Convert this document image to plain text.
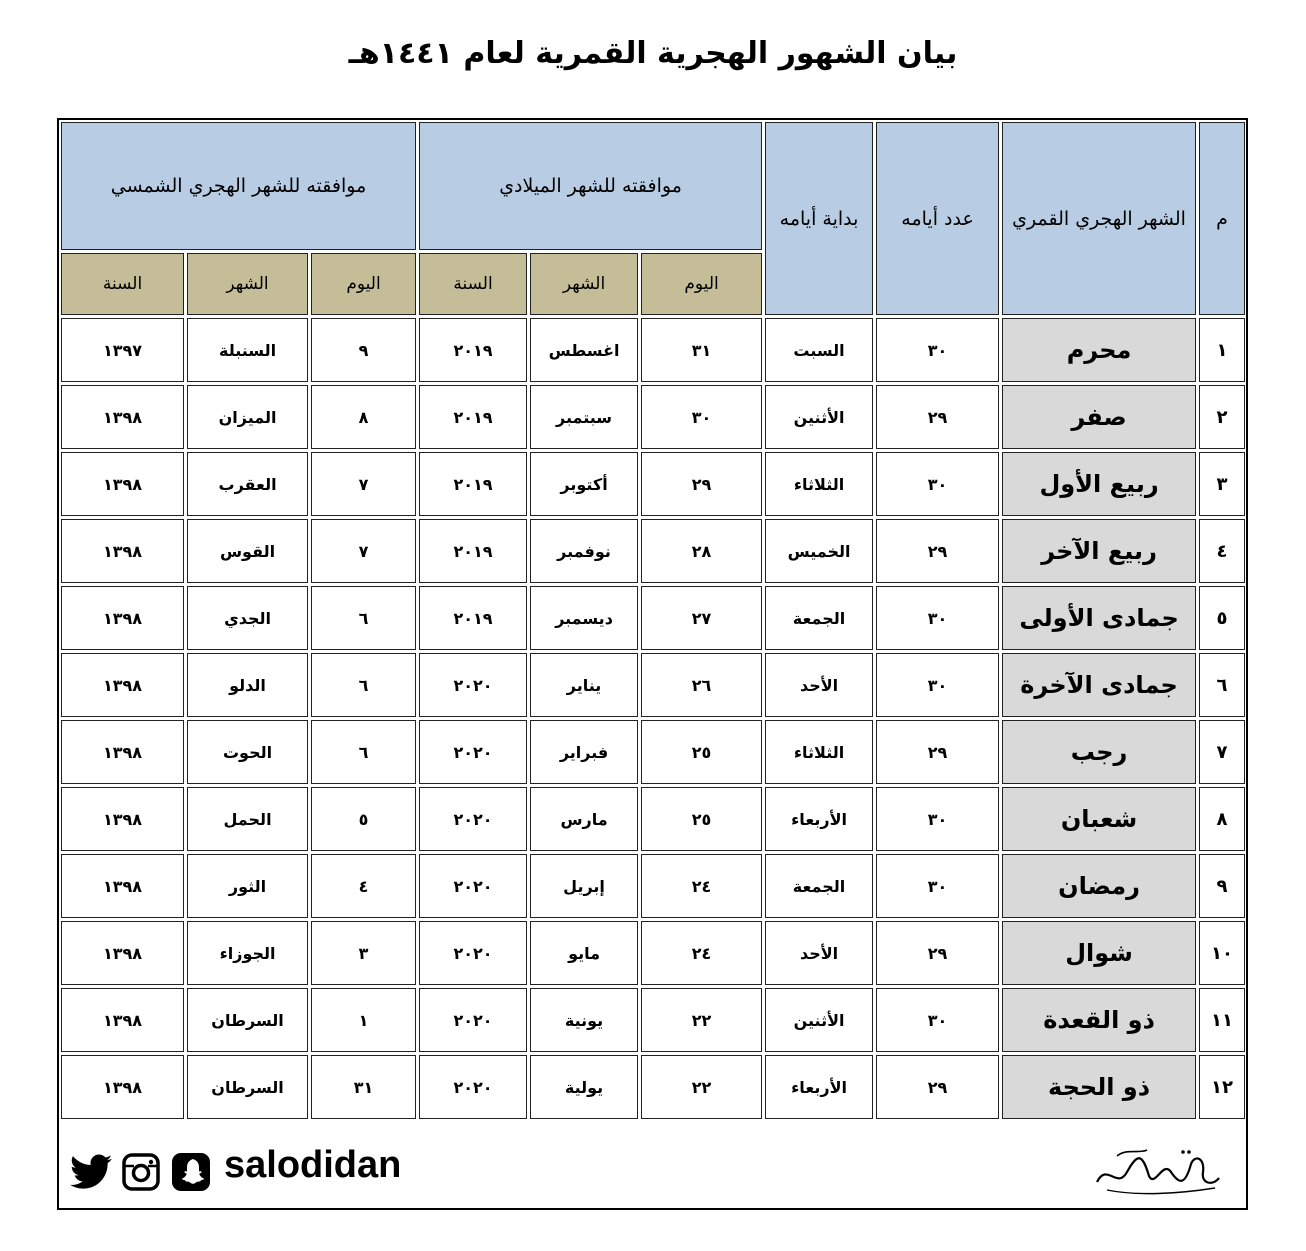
بيان الشهور الهجرية القمرية لعام ١٤٤١هـ
م	الشهر الهجري القمري	عدد أيامه	بداية أيامه	موافقته للشهر الميلادي			موافقته للشهر الهجري الشمسي		
				اليوم	الشهر	السنة	اليوم	الشهر	السنة
١	محرم	٣٠	السبت	٣١	اغسطس	٢٠١٩	٩	السنبلة	١٣٩٧
٢	صفر	٢٩	الأثنين	٣٠	سبتمبر	٢٠١٩	٨	الميزان	١٣٩٨
٣	ربيع الأول	٣٠	الثلاثاء	٢٩	أكتوبر	٢٠١٩	٧	العقرب	١٣٩٨
٤	ربيع الآخر	٢٩	الخميس	٢٨	نوفمبر	٢٠١٩	٧	القوس	١٣٩٨
٥	جمادى الأولى	٣٠	الجمعة	٢٧	ديسمبر	٢٠١٩	٦	الجدي	١٣٩٨
٦	جمادى الآخرة	٣٠	الأحد	٢٦	يناير	٢٠٢٠	٦	الدلو	١٣٩٨
٧	رجب	٢٩	الثلاثاء	٢٥	فبراير	٢٠٢٠	٦	الحوت	١٣٩٨
٨	شعبان	٣٠	الأربعاء	٢٥	مارس	٢٠٢٠	٥	الحمل	١٣٩٨
٩	رمضان	٣٠	الجمعة	٢٤	إبريل	٢٠٢٠	٤	الثور	١٣٩٨
١٠	شوال	٢٩	الأحد	٢٤	مايو	٢٠٢٠	٣	الجوزاء	١٣٩٨
١١	ذو القعدة	٣٠	الأثنين	٢٢	يونية	٢٠٢٠	١	السرطان	١٣٩٨
١٢	ذو الحجة	٢٩	الأربعاء	٢٢	يولية	٢٠٢٠	٣١	السرطان	١٣٩٨
salodidan
